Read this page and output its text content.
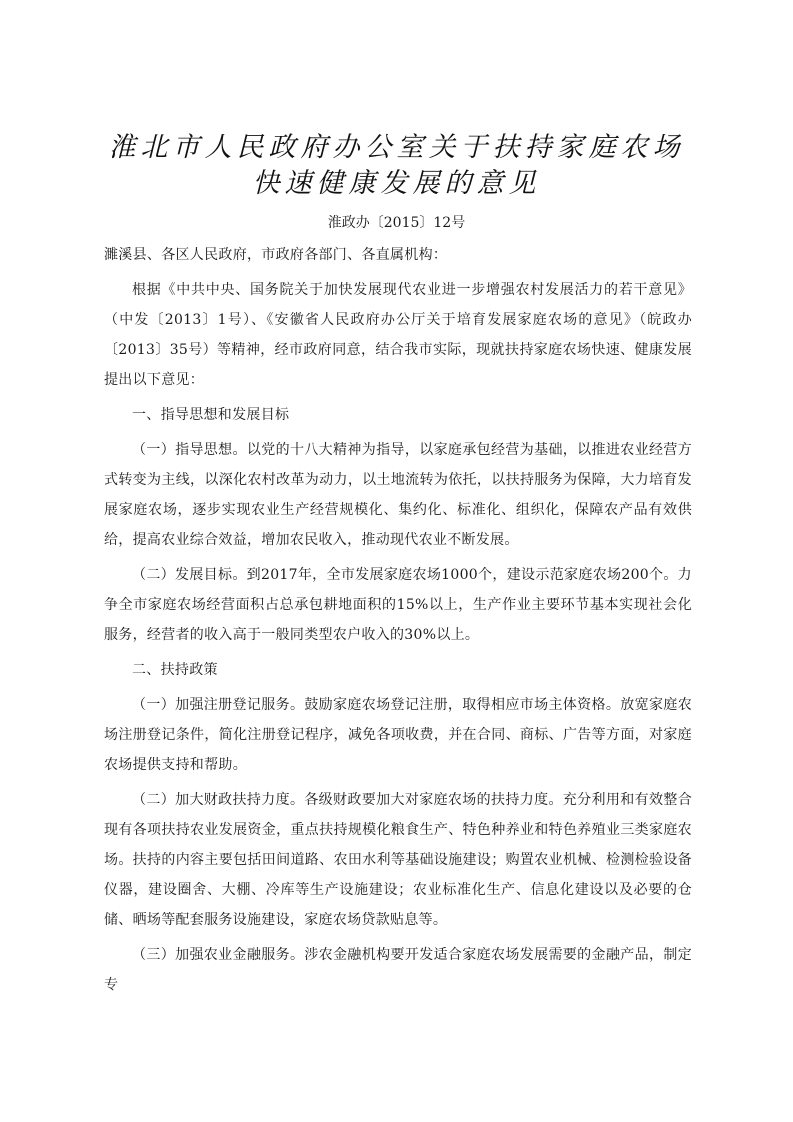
淮北市人民政府办公室关于扶持家庭农场
快速健康发展的意见
淮政办〔2015〕12号

濉溪县、各区人民政府，市政府各部门、各直属机构：

根据《中共中央、国务院关于加快发展现代农业进一步增强农村发展活力的若干意见》（中发〔2013〕1号）、《安徽省人民政府办公厅关于培育发展家庭农场的意见》（皖政办〔2013〕35号）等精神，经市政府同意，结合我市实际，现就扶持家庭农场快速、健康发展提出以下意见：

一、指导思想和发展目标

（一）指导思想。以党的十八大精神为指导，以家庭承包经营为基础，以推进农业经营方式转变为主线，以深化农村改革为动力，以土地流转为依托，以扶持服务为保障，大力培育发展家庭农场，逐步实现农业生产经营规模化、集约化、标准化、组织化，保障农产品有效供给，提高农业综合效益，增加农民收入，推动现代农业不断发展。

（二）发展目标。到2017年，全市发展家庭农场1000个，建设示范家庭农场200个。力争全市家庭农场经营面积占总承包耕地面积的15%以上，生产作业主要环节基本实现社会化服务，经营者的收入高于一般同类型农户收入的30%以上。

二、扶持政策

（一）加强注册登记服务。鼓励家庭农场登记注册，取得相应市场主体资格。放宽家庭农场注册登记条件，简化注册登记程序，减免各项收费，并在合同、商标、广告等方面，对家庭农场提供支持和帮助。

（二）加大财政扶持力度。各级财政要加大对家庭农场的扶持力度。充分利用和有效整合现有各项扶持农业发展资金，重点扶持规模化粮食生产、特色种养业和特色养殖业三类家庭农场。扶持的内容主要包括田间道路、农田水利等基础设施建设；购置农业机械、检测检验设备仪器，建设圈舍、大棚、冷库等生产设施建设；农业标准化生产、信息化建设以及必要的仓储、晒场等配套服务设施建设，家庭农场贷款贴息等。

（三）加强农业金融服务。涉农金融机构要开发适合家庭农场发展需要的金融产品，制定专
